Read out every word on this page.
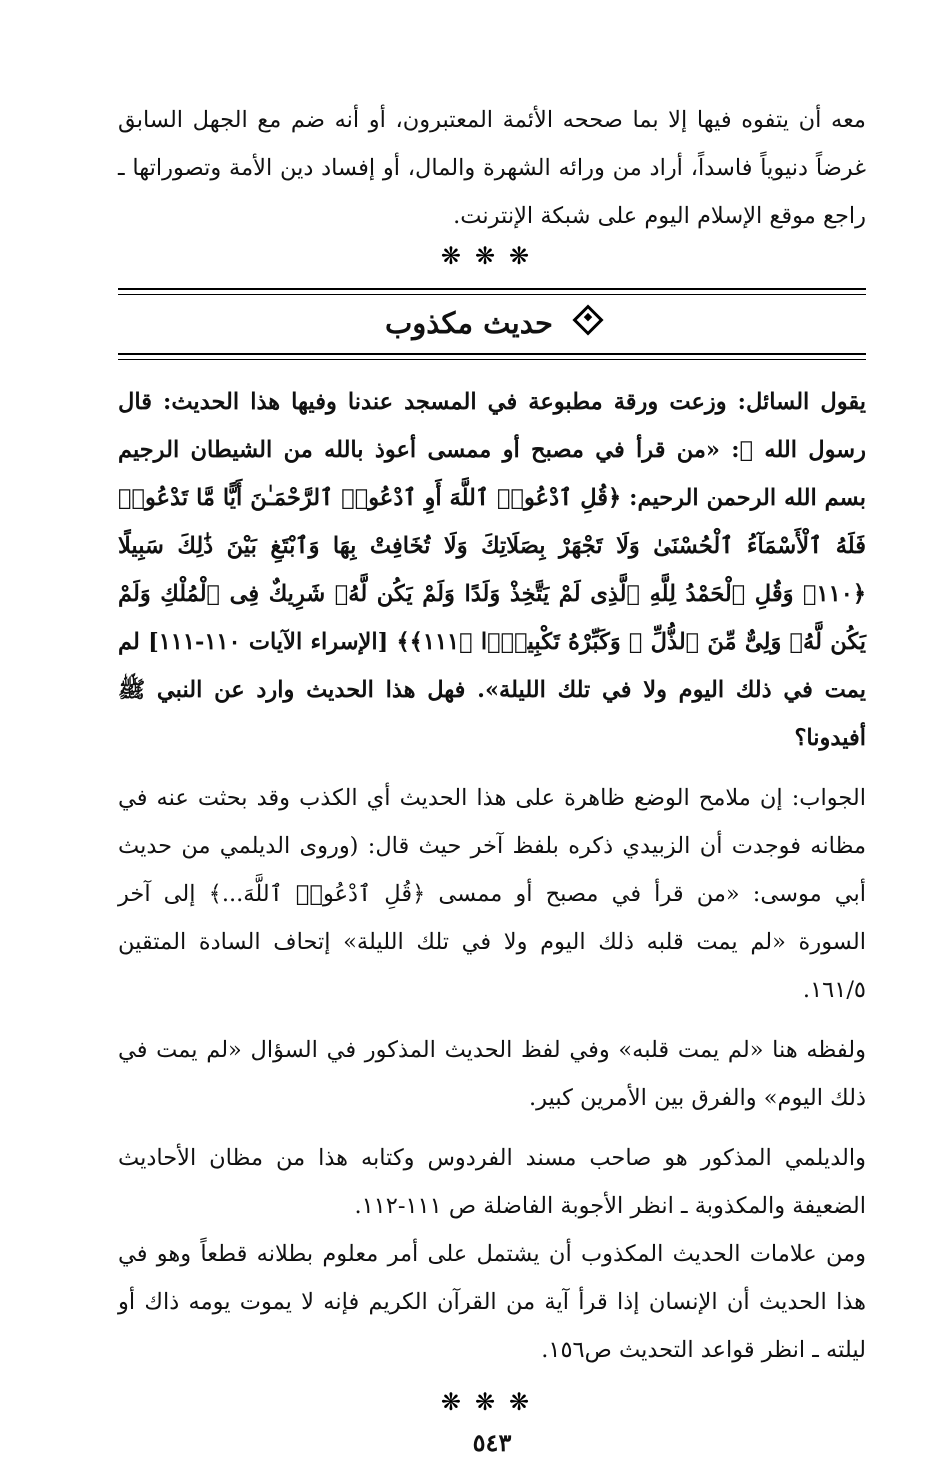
معه أن يتفوه فيها إلا بما صححه الأئمة المعتبرون، أو أنه ضم مع الجهل السابق غرضاً دنيوياً فاسداً، أراد من ورائه الشهرة والمال، أو إفساد دين الأمة وتصوراتها ـ راجع موقع الإسلام اليوم على شبكة الإنترنت.

❋❋❋
حديث مكذوب

يقول السائل: وزعت ورقة مطبوعة في المسجد عندنا وفيها هذا الحديث: قال رسول الله ﷺ: «من قرأ في مصبح أو ممسى أعوذ بالله من الشيطان الرجيم بسم الله الرحمن الرحيم: ﴿قُلِ ٱدْعُوا۟ ٱللَّهَ أَوِ ٱدْعُوا۟ ٱلرَّحْمَـٰنَ أَيًّا مَّا تَدْعُوا۟ فَلَهُ ٱلْأَسْمَآءُ ٱلْحُسْنَىٰ وَلَا تَجْهَرْ بِصَلَاتِكَ وَلَا تُخَافِتْ بِهَا وَٱبْتَغِ بَيْنَ ذَٰلِكَ سَبِيلًا ﴿١١٠﴾ وَقُلِ ٱلْحَمْدُ لِلَّهِ ٱلَّذِى لَمْ يَتَّخِذْ وَلَدًا وَلَمْ يَكُن لَّهُۥ شَرِيكٌ فِى ٱلْمُلْكِ وَلَمْ يَكُن لَّهُۥ وَلِىٌّ مِّنَ ٱلذُّلِّ ۖ وَكَبِّرْهُ تَكْبِيرًۢا ﴿١١١﴾﴾ [الإسراء الآيات ١١٠-١١١] لم يمت في ذلك اليوم ولا في تلك الليلة». فهل هذا الحديث وارد عن النبي ﷺ أفيدونا؟

الجواب: إن ملامح الوضع ظاهرة على هذا الحديث أي الكذب وقد بحثت عنه في مظانه فوجدت أن الزبيدي ذكره بلفظ آخر حيث قال: (وروى الديلمي من حديث أبي موسى: «من قرأ في مصبح أو ممسى ﴿قُلِ ٱدْعُوا۟ ٱللَّهَ...﴾ إلى آخر السورة «لم يمت قلبه ذلك اليوم ولا في تلك الليلة» إتحاف السادة المتقين ١٦١/٥.

ولفظه هنا «لم يمت قلبه» وفي لفظ الحديث المذكور في السؤال «لم يمت في ذلك اليوم» والفرق بين الأمرين كبير.

والديلمي المذكور هو صاحب مسند الفردوس وكتابه هذا من مظان الأحاديث الضعيفة والمكذوبة ـ انظر الأجوبة الفاضلة ص ١١١-١١٢.

ومن علامات الحديث المكذوب أن يشتمل على أمر معلوم بطلانه قطعاً وهو في هذا الحديث أن الإنسان إذا قرأ آية من القرآن الكريم فإنه لا يموت يومه ذاك أو ليلته ـ انظر قواعد التحديث ص١٥٦.

❋❋❋
٥٤٣
